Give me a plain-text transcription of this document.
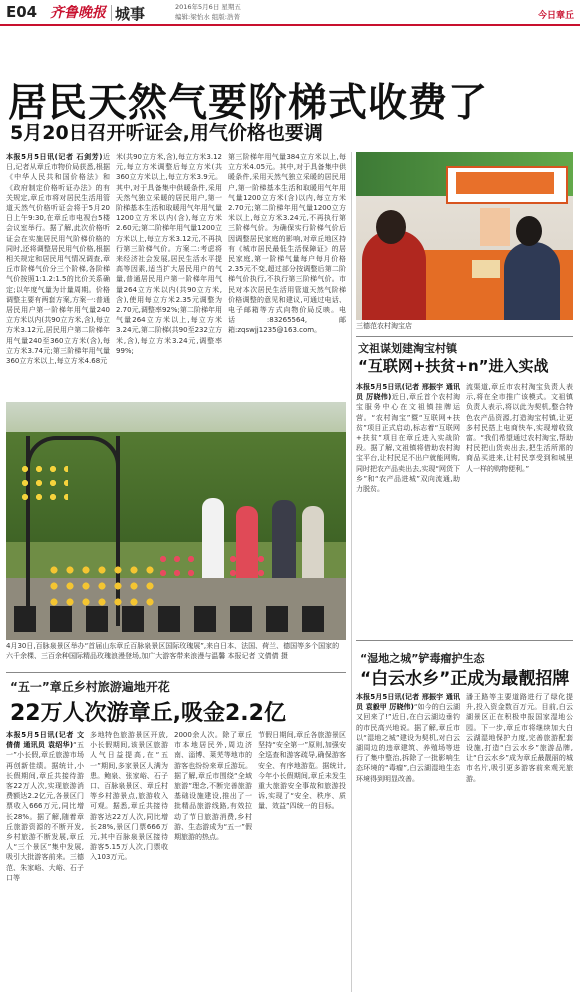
E04 齐鲁晚报 城事	2016年5月6日 星期五
编辑:梁怡水 组版:浩菁	今日章丘
居民天然气要阶梯式收费了
5月20日召开听证会,用气价格也要调

本报5月5日讯(记者 石剑芳)近日,记者从章丘市物价局获悉,根据《中华人民共和国价格法》和《政府制定价格听证办法》的有关规定,章丘市将对居民生活用管道天然气价格听证会将于5月20日上午9:30,在章丘市电视台5楼会议室举行。据了解,此次价格听证会在实施居民用气阶梯价格的同时,还将调整居民用气价格,根据相关规定和居民用气情况调查,章丘市阶梯气价分三个阶梯,各阶梯气价按照1:1.2:1.5的比价关系确定;以年度气量为计量周期。价格调整主要有两套方案,方案一:普通居民用户第一阶梯年用气量240立方米以内(共90立方米,含),每立方米3.12元,居民用户第二阶梯年用气量240至360立方米(含),每立方米3.74元;第三阶梯年用气量360立方米以上,每立方米4.68元

米(共90立方米,含),每立方米3.12元,每立方米调整后每立方米(共360立方米以上,每立方米3.9元。其中,对于具备集中供暖条件,采用天然气独立采暖的居民用户,第一阶梯基本生活和取暖用气年用气量1200立方米以内(含),每立方米2.60元;第二阶梯年用气量1200立方米以上,每立方米3.12元,不再执行第三阶梯气价。方案二:考虑将来经济社会发展,居民生活水平提高等因素,适当扩大居民用户的气量,普通居民用户第一阶梯年用气量264立方米以内(共90立方米,含),使用每立方米2.35元调整为2.70元,调整率92%;第二阶梯年用气量264立方米以上,每立方米3.24元,第二阶梯(共90至232立方米,含),每立方米3.24元,调整率99%;

第三阶梯年用气量384立方米以上,每立方米4.05元。其中,对于具备集中供暖条件,采用天然气独立采暖的居民用户,第一阶梯基本生活和取暖用气年用气量1200立方米(含)以内,每立方米2.70元;第二阶梯年用气量1200立方米以上,每立方米3.24元,不再执行第三阶梯气价。为确保实行阶梯气价后因调整居民家庭的影响,对章丘地区持有《城市居民最低生活保障证》的居民家庭,第一阶梯气量每户每月价格2.35元不变,超过部分按调整后第二阶梯气价执行,不执行第三阶梯气价。市民对本次居民生活用管道天然气阶梯价格调整的意见和建议,可通过电话、电子邮箱等方式向物价局反映。电话:83265564,邮箱:zqswjj1235@163.com。

三德范农村淘宝店
文祖谋划建淘宝村镇
“互联网+扶贫+n”进入实战

本报5月5日讯(记者 邢振宇 通讯员 厉晓伟)近日,章丘首个农村淘宝服务中心在文祖镇挂牌运营。“农村淘宝”暨“互联网+扶贫”项目正式启动,标志着“互联网+扶贫”项目在章丘进入实战阶段。据了解,文祖镇将借助农村淘宝平台,让村民足不出户就能网购,同时把农产品卖出去,实现“网货下乡”和“农产品进城”双向流通,助力脱贫。

流渠道,章丘市农村淘宝负责人表示,将在全市推广该模式。文祖镇负责人表示,将以此为契机,整合特色农产品资源,打造淘宝村镇,让更多村民搭上电商快车,实现增收致富。“我们希望通过农村淘宝,帮助村民把山货卖出去,把生活所需的商品买进来,让村民享受到和城里人一样的购物便利。”

4月30日,百脉泉景区举办“首届山东章丘百脉泉景区国际玫瑰展”,来自日本、法国、荷兰、德国等多个国家的六千余棵、三百余种国际精品玫瑰浪漫登场,加广大游客带来浪漫与温馨 本报记者 文倩倩 摄
“五一”章丘乡村旅游遍地开花
22万人次游章丘,吸金2.2亿

本报5月5日讯(记者 文倩倩 通讯员 袁绍华)“五一”小长假,章丘旅游市场再创新佳绩。据统计,小长假期间,章丘共接待游客22万人次,实现旅游消费额达2.2亿元,各景区门票收入666万元,同比增长28%。据了解,随着章丘旅游资源的不断开发,乡村旅游不断发展,章丘人“三个景区”集中发展,吸引大批游客前来。三德范、朱家峪、大峪、石子口等

多地特色旅游景区开放,小长假期间,该景区旅游人气日益提高,在“五一”期间,多家景区人满为患。鲍泉、张家峪、石子口、百脉泉景区、章丘村等乡村游景点,旅游收入可观。据悉,章丘共接待游客达22万人次,同比增长28%,景区门票666万元,其中百脉泉景区接待游客5.15万人次,门票收入103万元。

2000余人次。除了章丘市本地居民外,周边济南、淄博、莱芜等地市的游客也纷纷来章丘游玩。据了解,章丘市围绕“全域旅游”理念,不断完善旅游基础设施建设,推出了一批精品旅游线路,有效拉动了节日旅游消费,乡村游、生态游成为“五一”假期旅游的热点。

节假日期间,章丘各旅游景区坚持“安全第一”原则,加强安全巡查和游客疏导,确保游客安全、有序地游览。据统计,今年小长假期间,章丘未发生重大旅游安全事故和旅游投诉,实现了“安全、秩序、质量、效益”四统一的目标。

“湿地之城”铲毒瘤护生态
“白云水乡”正成为最靓招牌

本报5月5日讯(记者 邢振宇 通讯员 袁毅甲 厉晓伟)“如今的白云湖又回来了!”近日,在白云湖边垂钓的市民高兴地说。据了解,章丘市以“湿地之城”建设为契机,对白云湖周边的违章建筑、养殖场等进行了集中整治,拆除了一批影响生态环境的“毒瘤”,白云湖湿地生态环境得到明显改善。

潘王路等主要道路进行了绿化提升,投入资金数百万元。目前,白云湖景区正在积极申报国家湿地公园。下一步,章丘市将继续加大白云湖湿地保护力度,完善旅游配套设施,打造“白云水乡”旅游品牌,让“白云水乡”成为章丘最靓丽的城市名片,吸引更多游客前来观光旅游。
